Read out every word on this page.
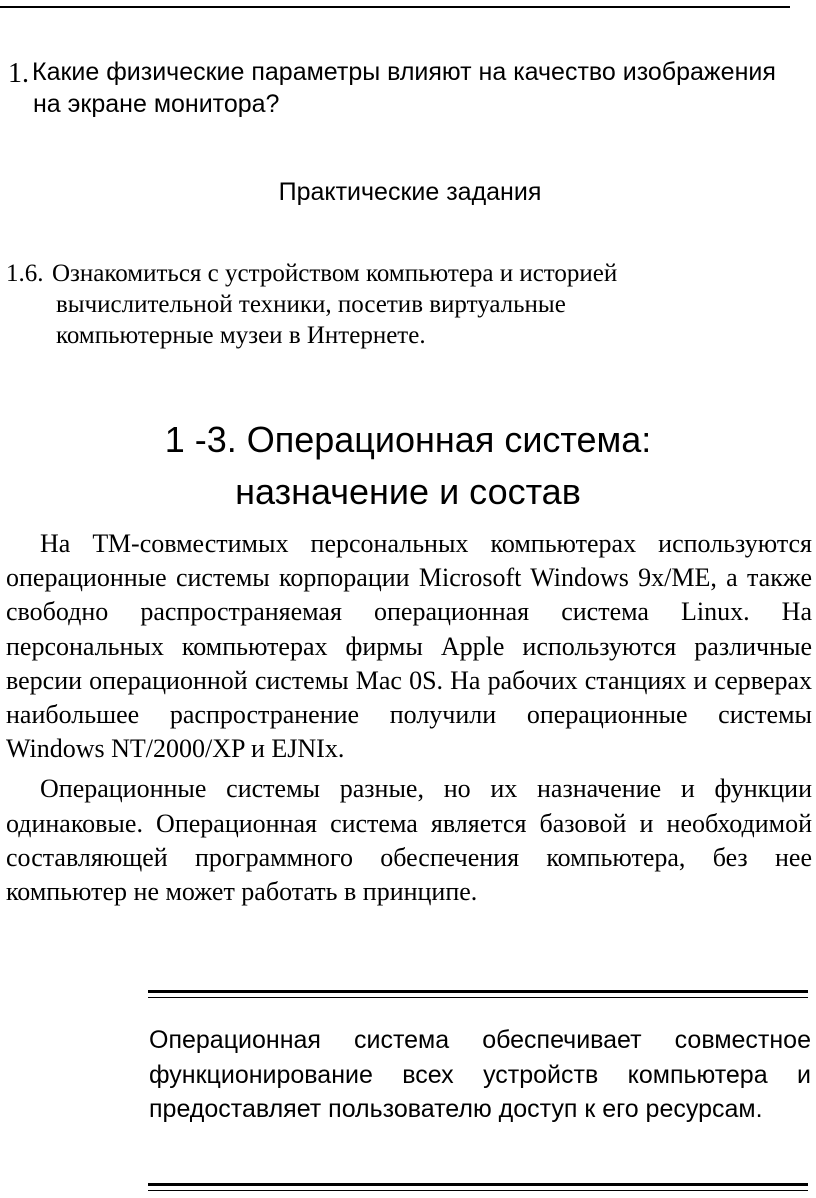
1. Какие физические параметры влияют на качество изображения
на экране монитора?
Практические задания
1.6. Ознакомиться с устройством компьютера и историей
вычислительной техники, посетив виртуальные
компьютерные музеи в Интернете.
1 -3. Операционная система:
назначение и состав

На ТМ-совместимых персональных компьютерах используются операционные системы корпорации Microsoft Windows 9x/ME, а также свободно распространяемая операционная система Linux. На персональных компьютерах фирмы Apple используются различные версии операционной системы Mac 0S. На рабочих станциях и серверах наибольшее распространение получили операционные системы Windows NT/2000/XP и EJNIx.

Операционные системы разные, но их назначение и функции одинаковые. Операционная система является базовой и необходимой составляющей программного обеспечения компьютера, без нее компьютер не может работать в принципе.

Операционная система обеспечивает совместное функционирование всех устройств компьютера и предоставляет пользователю доступ к его ресурсам.
